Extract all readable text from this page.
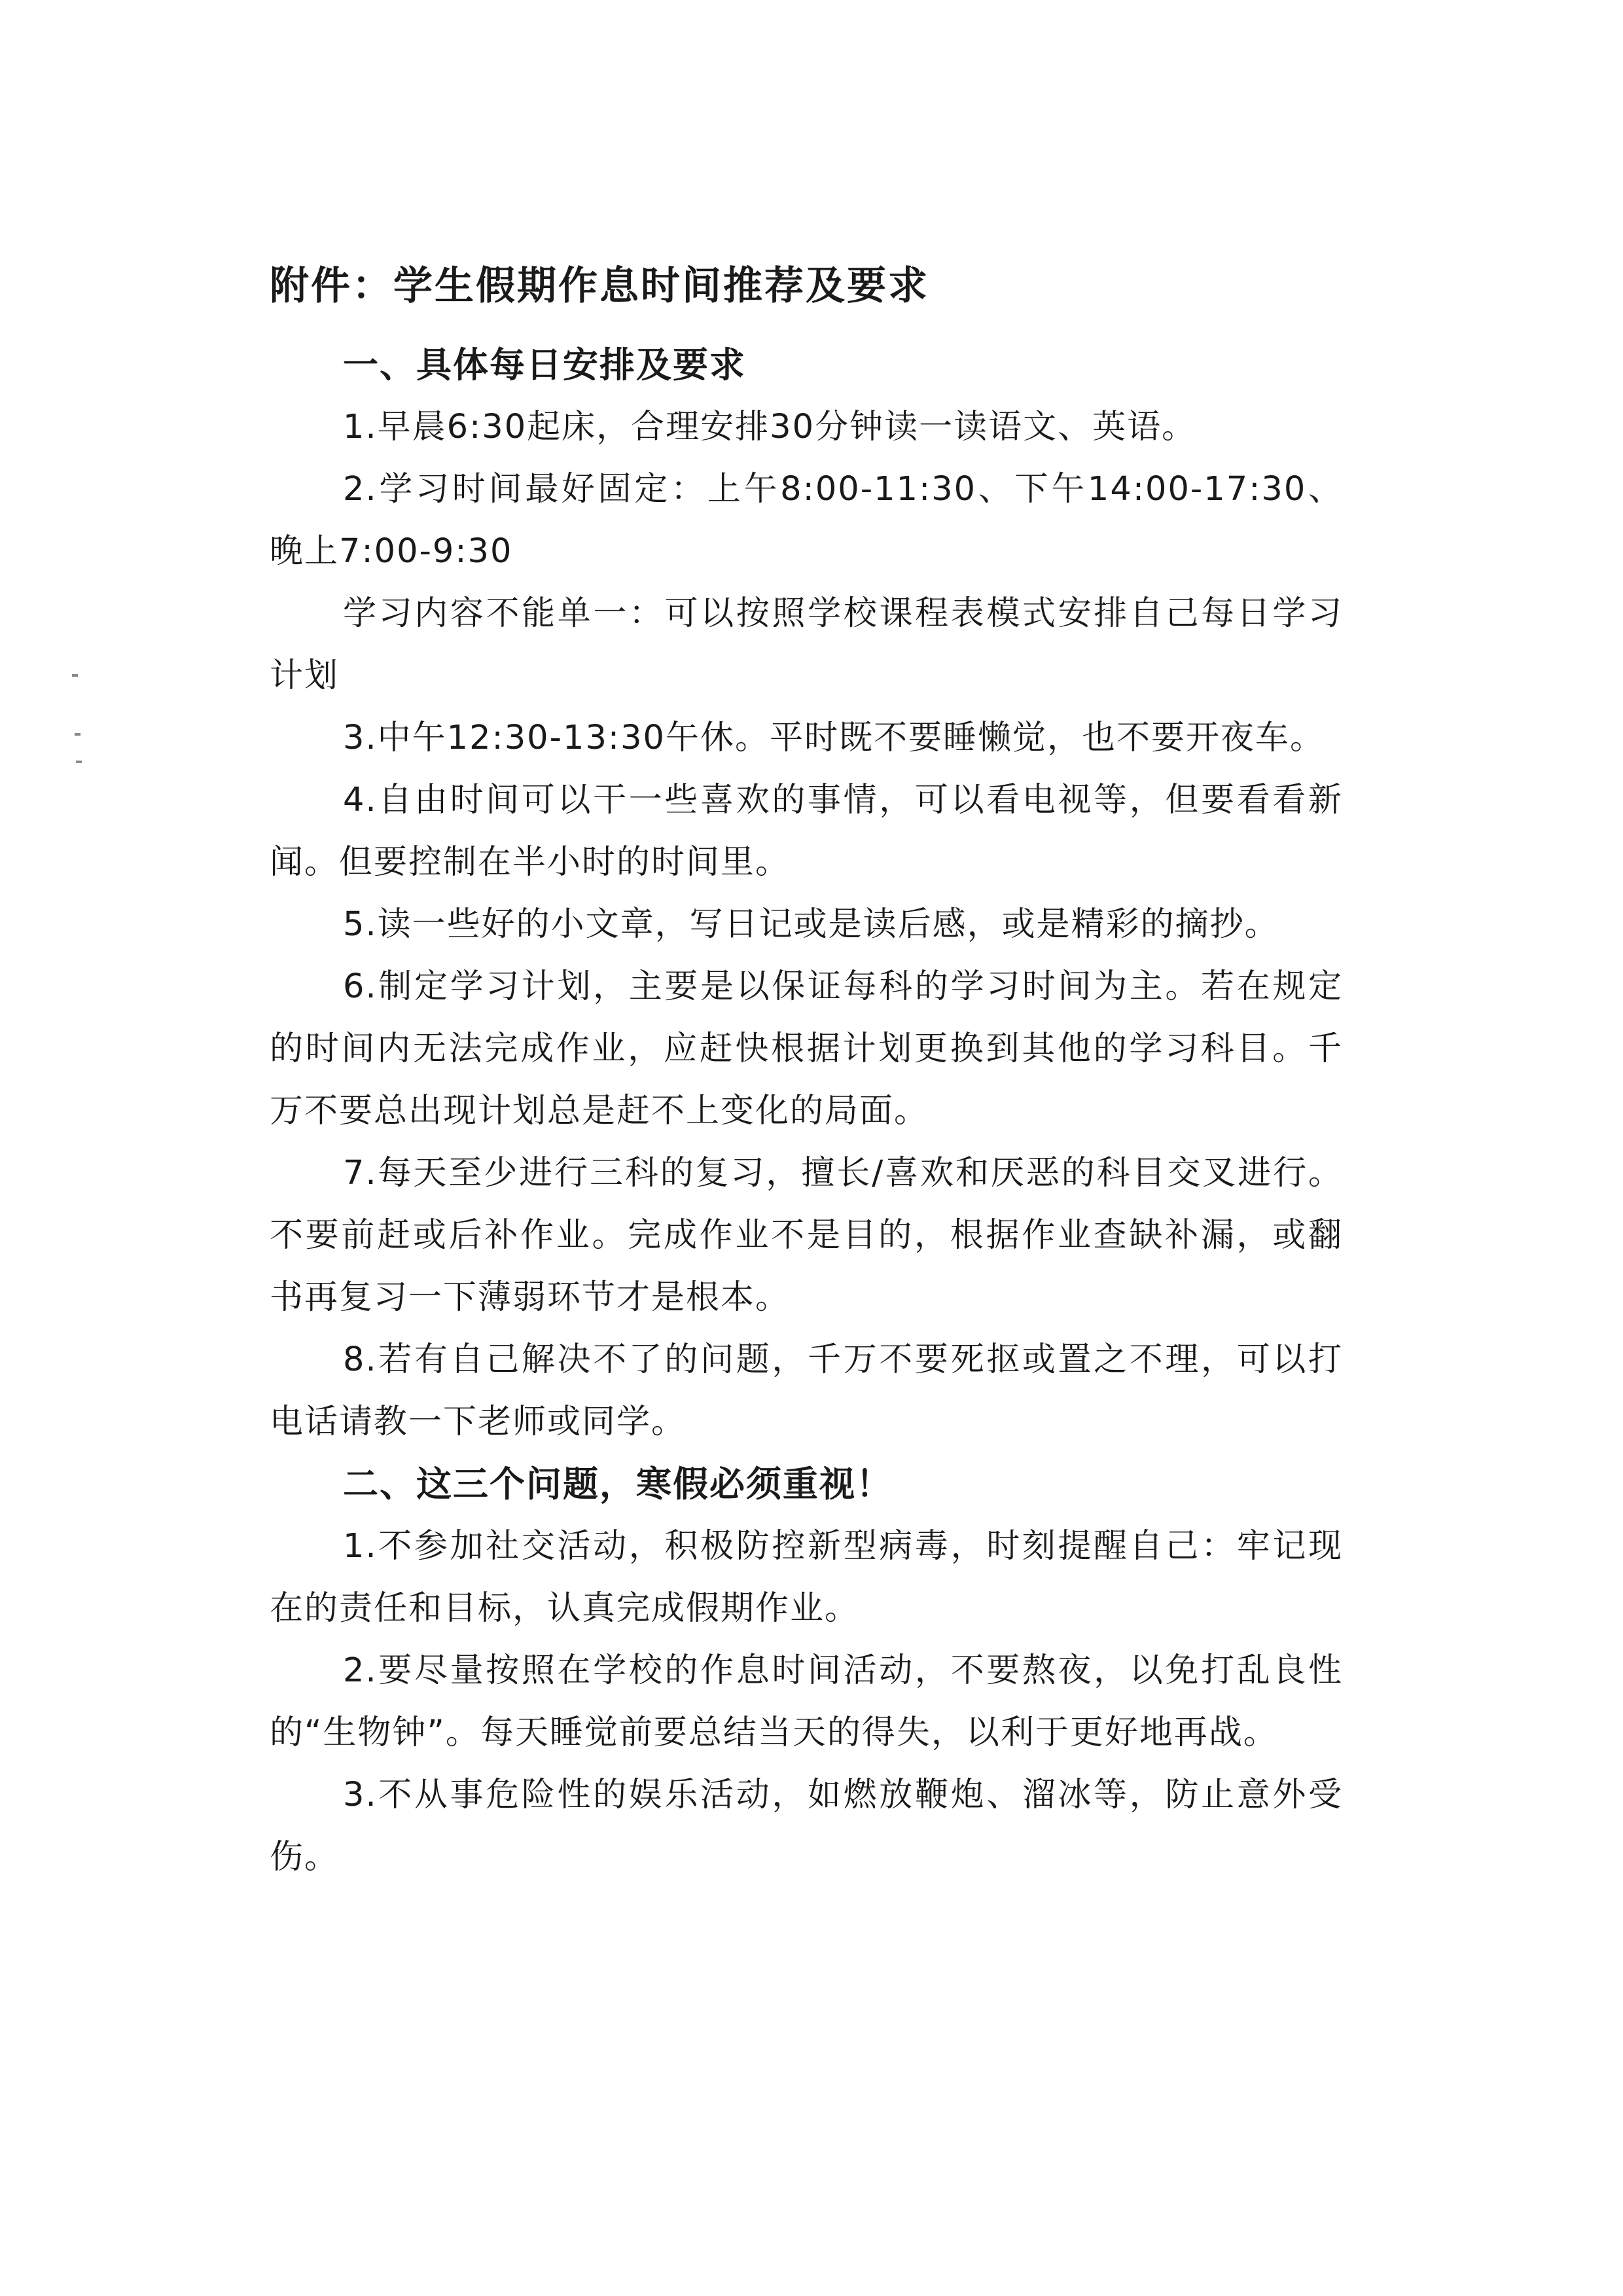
附件：学生假期作息时间推荐及要求

一、具体每日安排及要求

1.早晨6:30起床，合理安排30分钟读一读语文、英语。

2.学习时间最好固定：上午8:00-11:30、下午14:00-17:30、晚上7:00-9:30

学习内容不能单一：可以按照学校课程表模式安排自己每日学习计划

3.中午12:30-13:30午休。平时既不要睡懒觉，也不要开夜车。

4.自由时间可以干一些喜欢的事情，可以看电视等，但要看看新闻。但要控制在半小时的时间里。

5.读一些好的小文章，写日记或是读后感，或是精彩的摘抄。

6.制定学习计划，主要是以保证每科的学习时间为主。若在规定的时间内无法完成作业，应赶快根据计划更换到其他的学习科目。千万不要总出现计划总是赶不上变化的局面。

7.每天至少进行三科的复习，擅长/喜欢和厌恶的科目交叉进行。不要前赶或后补作业。完成作业不是目的，根据作业查缺补漏，或翻书再复习一下薄弱环节才是根本。

8.若有自己解决不了的问题，千万不要死抠或置之不理，可以打电话请教一下老师或同学。

二、这三个问题，寒假必须重视！

1.不参加社交活动，积极防控新型病毒，时刻提醒自己：牢记现在的责任和目标，认真完成假期作业。

2.要尽量按照在学校的作息时间活动，不要熬夜，以免打乱良性的“生物钟”。每天睡觉前要总结当天的得失，以利于更好地再战。

3.不从事危险性的娱乐活动，如燃放鞭炮、溜冰等，防止意外受伤。
